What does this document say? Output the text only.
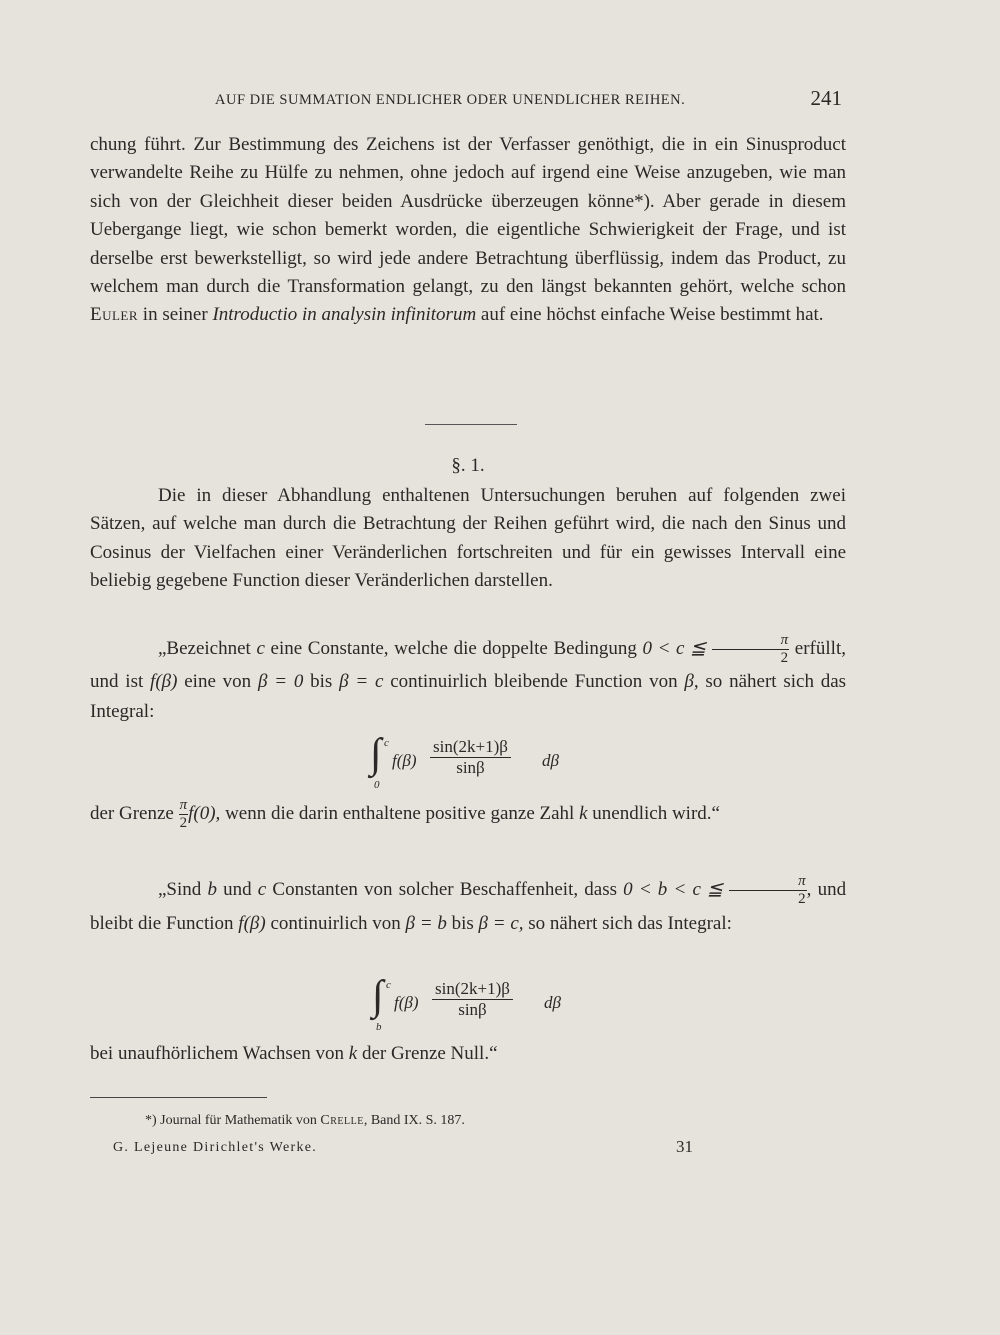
AUF DIE SUMMATION ENDLICHER ODER UNENDLICHER REIHEN.	241

chung führt. Zur Bestimmung des Zeichens ist der Verfasser genöthigt, die in ein Sinusproduct verwandelte Reihe zu Hülfe zu nehmen, ohne jedoch auf irgend eine Weise anzugeben, wie man sich von der Gleichheit dieser beiden Ausdrücke überzeugen könne*). Aber gerade in diesem Uebergange liegt, wie schon bemerkt worden, die eigentliche Schwierigkeit der Frage, und ist derselbe erst bewerkstelligt, so wird jede andere Betrachtung überflüssig, indem das Product, zu welchem man durch die Transformation gelangt, zu den längst bekannten gehört, welche schon Euler in seiner Introductio in analysin infinitorum auf eine höchst einfache Weise bestimmt hat.

§. 1.

Die in dieser Abhandlung enthaltenen Untersuchungen beruhen auf folgenden zwei Sätzen, auf welche man durch die Betrachtung der Reihen geführt wird, die nach den Sinus und Cosinus der Vielfachen einer Veränderlichen fortschreiten und für ein gewisses Intervall eine beliebig gegebene Function dieser Veränderlichen darstellen.

„Bezeichnet c eine Constante, welche die doppelte Bedingung 0 < c ≦ $\frac{\pi}{2}$ erfüllt, und ist f(β) eine von β = 0 bis β = c continuirlich bleibende Function von β, so nähert sich das Integral:

∫ c
0
$f(\beta) \frac{\sin(2k+1)\beta}{\sin\beta}$ dβ

der Grenze $\frac{\pi}{2} f(0)$, wenn die darin enthaltene positive ganze Zahl k unendlich wird.“

„Sind b und c Constanten von solcher Beschaffenheit, dass 0 < b < c ≦ $\frac{\pi}{2}$ , und bleibt die Function f(β) continuirlich von β = b bis β = c, so nähert sich das Integral:

∫ c
b
$f(\beta) \frac{\sin(2k+1)\beta}{\sin\beta}$ dβ

bei unaufhörlichem Wachsen von k der Grenze Null.“

*) Journal für Mathematik von Crelle, Band IX. S. 187.
G. Lejeune Dirichlet's Werke.	31
